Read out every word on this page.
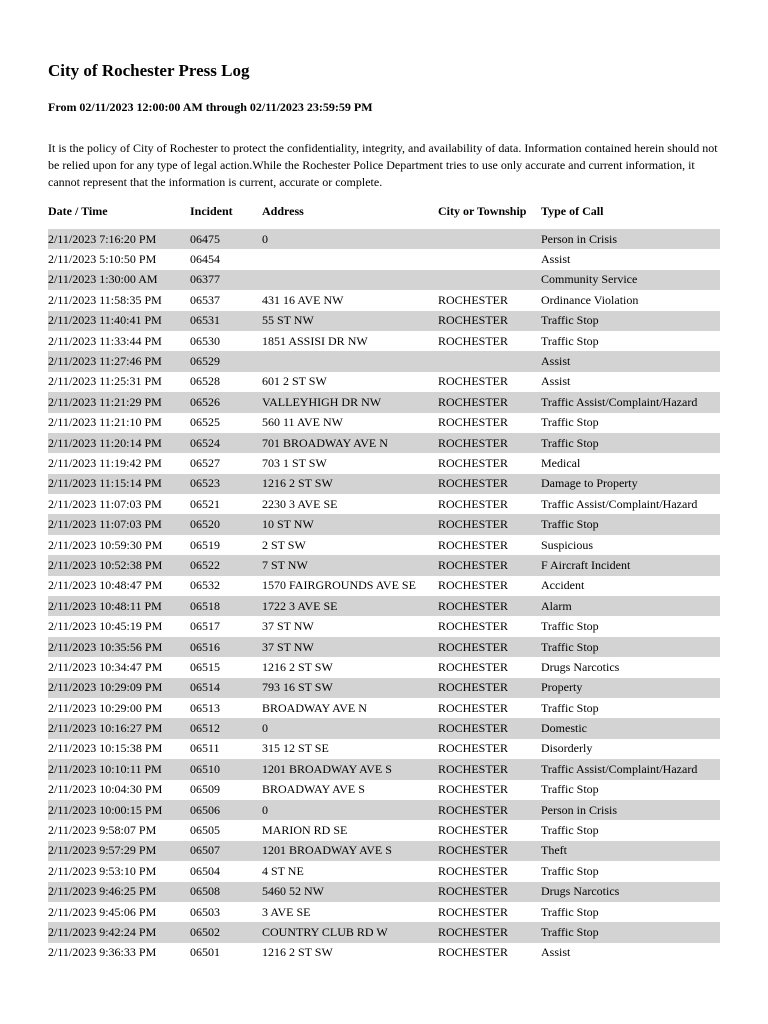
City of Rochester Press Log
From 02/11/2023 12:00:00 AM through 02/11/2023 23:59:59 PM
It is the policy of City of Rochester to protect the confidentiality, integrity, and availability of data. Information contained herein should not be relied upon for any type of legal action.While the Rochester Police Department tries to use only accurate and current information, it cannot represent that the information is current, accurate or complete.
Date / Time	Incident	Address	City or Township	Type of Call
2/11/2023 7:16:20 PM	06475	0		Person in Crisis
2/11/2023 5:10:50 PM	06454			Assist
2/11/2023 1:30:00 AM	06377			Community Service
2/11/2023 11:58:35 PM	06537	431 16 AVE NW	ROCHESTER	Ordinance Violation
2/11/2023 11:40:41 PM	06531	55 ST NW	ROCHESTER	Traffic Stop
2/11/2023 11:33:44 PM	06530	1851 ASSISI DR NW	ROCHESTER	Traffic Stop
2/11/2023 11:27:46 PM	06529			Assist
2/11/2023 11:25:31 PM	06528	601 2 ST SW	ROCHESTER	Assist
2/11/2023 11:21:29 PM	06526	VALLEYHIGH DR NW	ROCHESTER	Traffic Assist/Complaint/Hazard
2/11/2023 11:21:10 PM	06525	560 11 AVE NW	ROCHESTER	Traffic Stop
2/11/2023 11:20:14 PM	06524	701 BROADWAY AVE N	ROCHESTER	Traffic Stop
2/11/2023 11:19:42 PM	06527	703 1 ST SW	ROCHESTER	Medical
2/11/2023 11:15:14 PM	06523	1216 2 ST SW	ROCHESTER	Damage to Property
2/11/2023 11:07:03 PM	06521	2230 3 AVE SE	ROCHESTER	Traffic Assist/Complaint/Hazard
2/11/2023 11:07:03 PM	06520	10 ST NW	ROCHESTER	Traffic Stop
2/11/2023 10:59:30 PM	06519	2 ST SW	ROCHESTER	Suspicious
2/11/2023 10:52:38 PM	06522	7 ST NW	ROCHESTER	F Aircraft Incident
2/11/2023 10:48:47 PM	06532	1570 FAIRGROUNDS AVE SE	ROCHESTER	Accident
2/11/2023 10:48:11 PM	06518	1722 3 AVE SE	ROCHESTER	Alarm
2/11/2023 10:45:19 PM	06517	37 ST NW	ROCHESTER	Traffic Stop
2/11/2023 10:35:56 PM	06516	37 ST NW	ROCHESTER	Traffic Stop
2/11/2023 10:34:47 PM	06515	1216 2 ST SW	ROCHESTER	Drugs Narcotics
2/11/2023 10:29:09 PM	06514	793 16 ST SW	ROCHESTER	Property
2/11/2023 10:29:00 PM	06513	BROADWAY AVE N	ROCHESTER	Traffic Stop
2/11/2023 10:16:27 PM	06512	0	ROCHESTER	Domestic
2/11/2023 10:15:38 PM	06511	315 12 ST SE	ROCHESTER	Disorderly
2/11/2023 10:10:11 PM	06510	1201 BROADWAY AVE S	ROCHESTER	Traffic Assist/Complaint/Hazard
2/11/2023 10:04:30 PM	06509	BROADWAY AVE S	ROCHESTER	Traffic Stop
2/11/2023 10:00:15 PM	06506	0	ROCHESTER	Person in Crisis
2/11/2023 9:58:07 PM	06505	MARION RD SE	ROCHESTER	Traffic Stop
2/11/2023 9:57:29 PM	06507	1201 BROADWAY AVE S	ROCHESTER	Theft
2/11/2023 9:53:10 PM	06504	4 ST NE	ROCHESTER	Traffic Stop
2/11/2023 9:46:25 PM	06508	5460 52 NW	ROCHESTER	Drugs Narcotics
2/11/2023 9:45:06 PM	06503	3 AVE SE	ROCHESTER	Traffic Stop
2/11/2023 9:42:24 PM	06502	COUNTRY CLUB RD W	ROCHESTER	Traffic Stop
2/11/2023 9:36:33 PM	06501	1216 2 ST SW	ROCHESTER	Assist
